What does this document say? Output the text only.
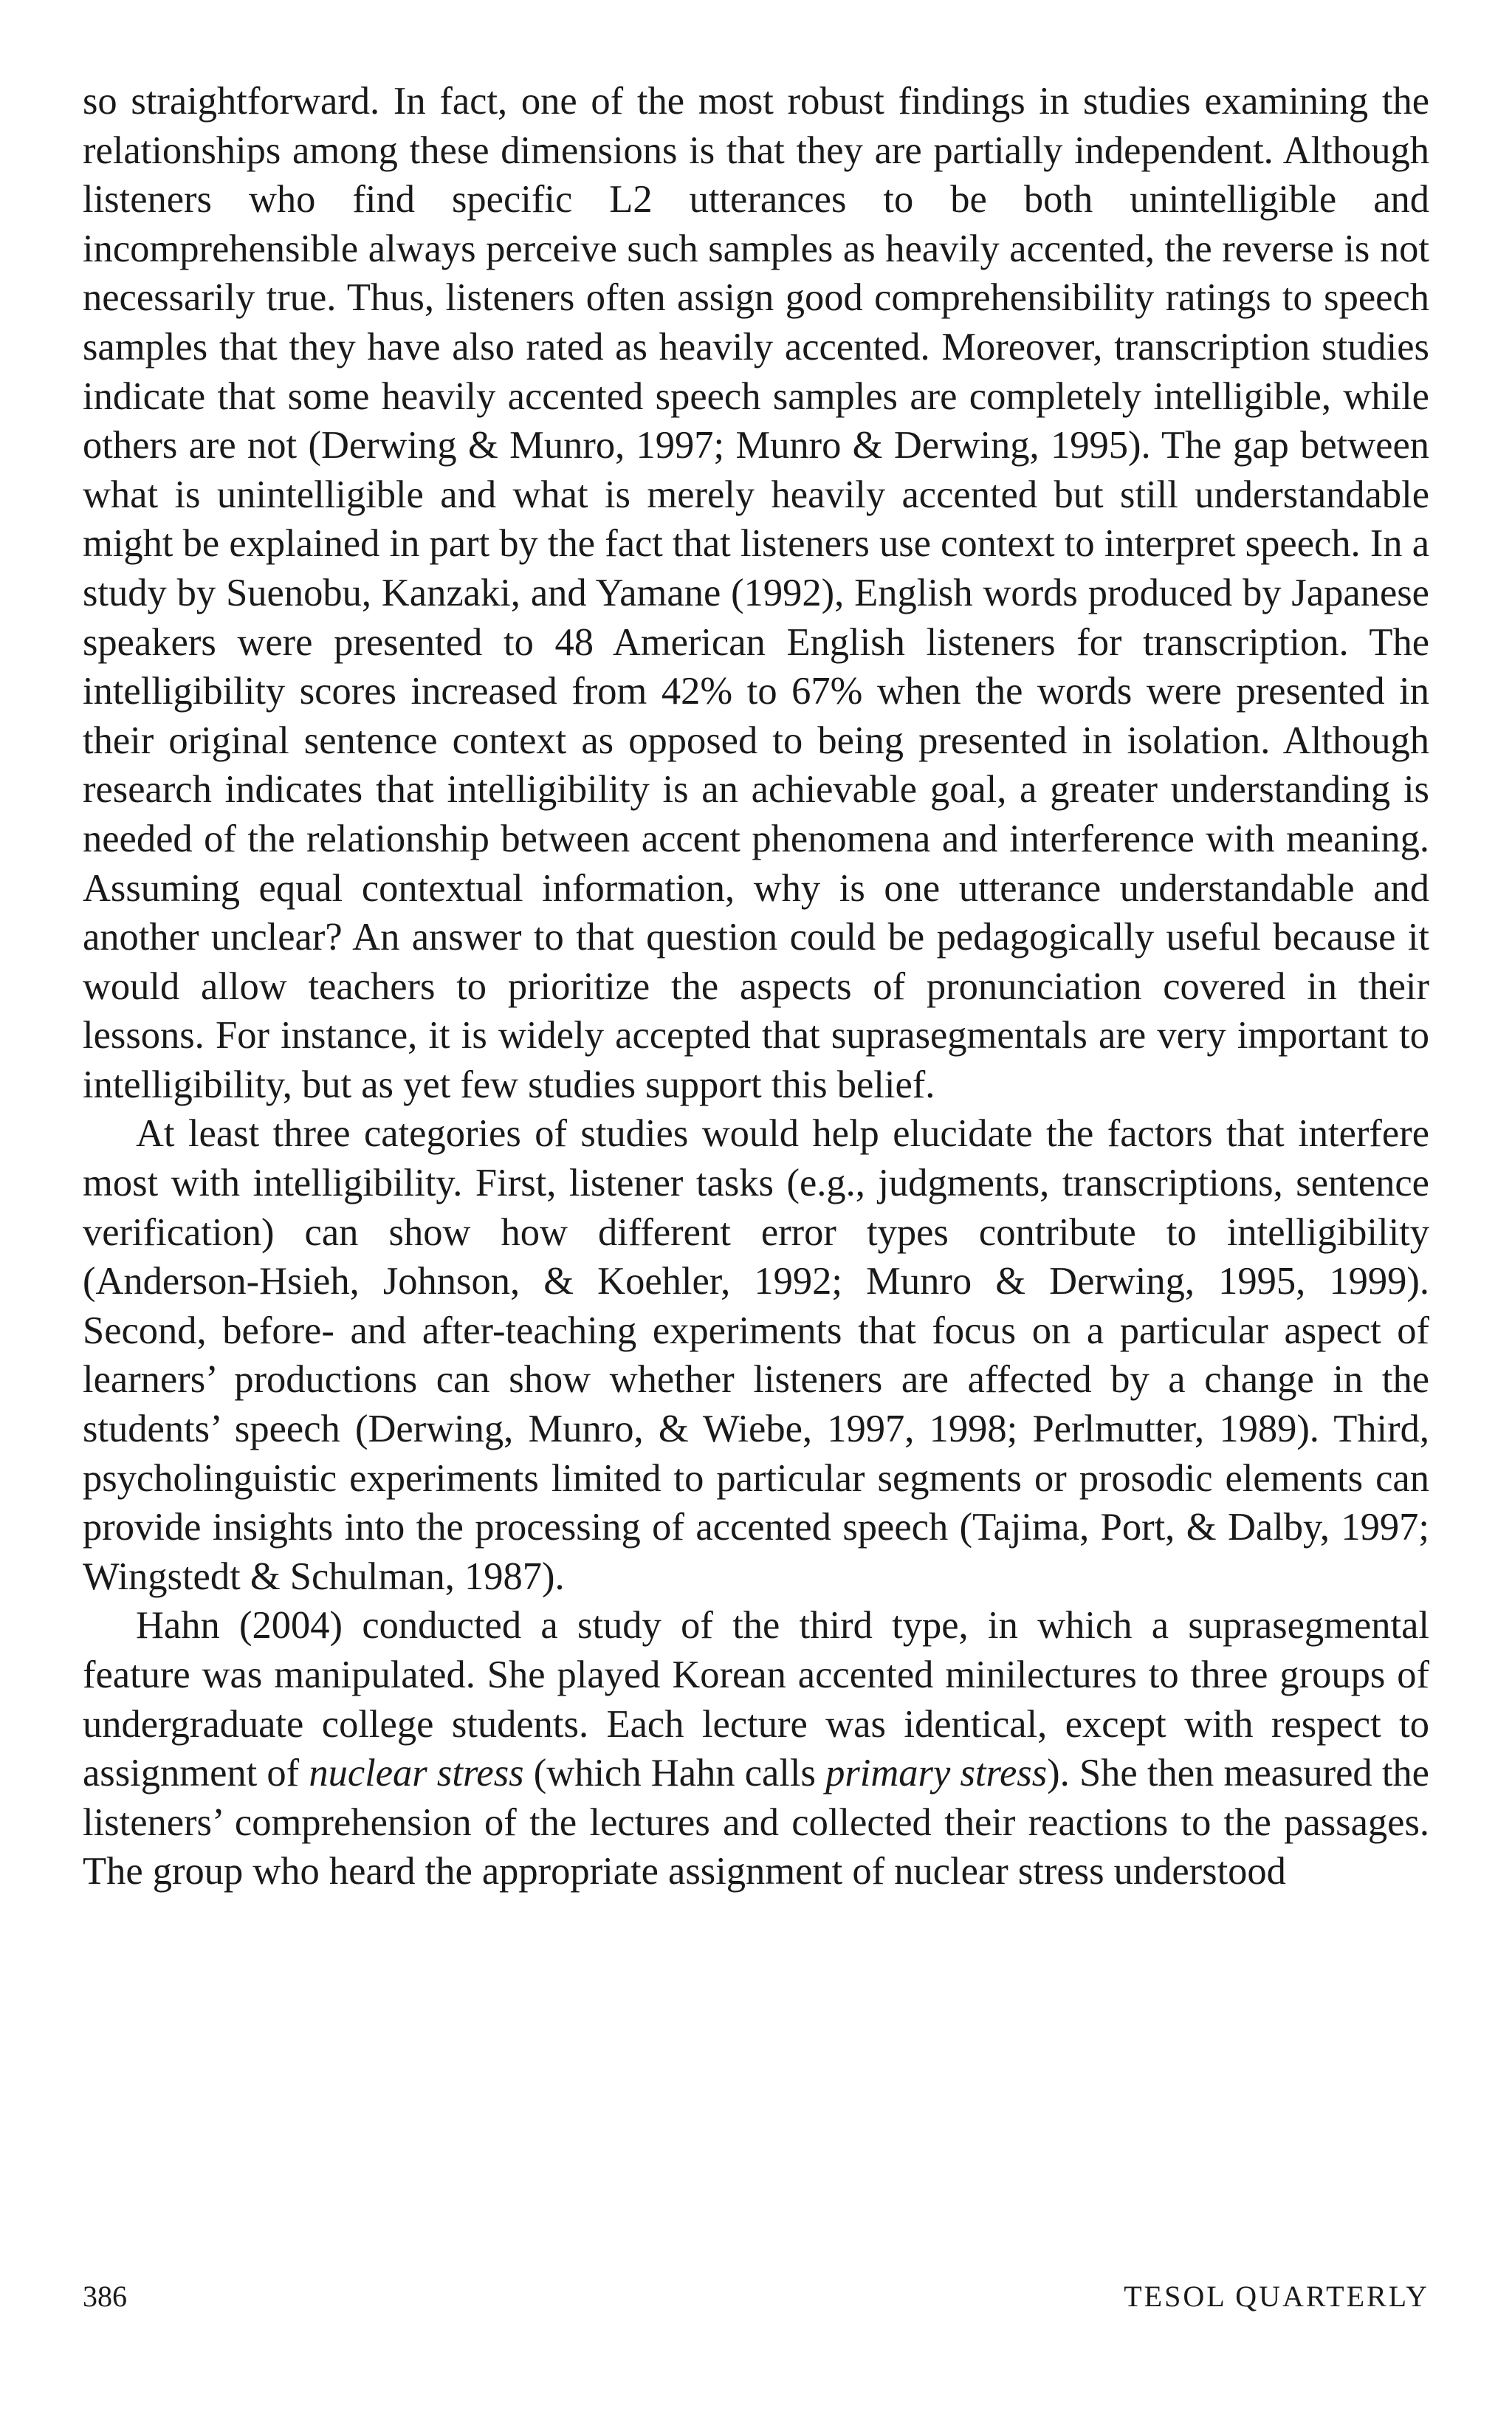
so straightforward. In fact, one of the most robust findings in studies examining the relationships among these dimensions is that they are partially independent. Although listeners who find specific L2 utterances to be both unintelligible and incomprehensible always perceive such samples as heavily accented, the reverse is not necessarily true. Thus, listeners often assign good comprehensibility ratings to speech samples that they have also rated as heavily accented. Moreover, transcription studies indicate that some heavily accented speech samples are completely intelligible, while others are not (Derwing & Munro, 1997; Munro & Derwing, 1995). The gap between what is unintelligible and what is merely heavily accented but still understandable might be explained in part by the fact that listeners use context to interpret speech. In a study by Suenobu, Kanzaki, and Yamane (1992), English words produced by Japanese speakers were presented to 48 American English listeners for transcription. The intelligibility scores increased from 42% to 67% when the words were presented in their original sentence context as opposed to being presented in isolation. Although research indicates that intelligibility is an achievable goal, a greater understanding is needed of the relationship between accent phenomena and interference with meaning. Assuming equal contextual information, why is one utterance understandable and another unclear? An answer to that question could be pedagogically useful because it would allow teachers to prioritize the aspects of pronunciation covered in their lessons. For instance, it is widely accepted that suprasegmentals are very important to intelligibility, but as yet few studies support this belief.

At least three categories of studies would help elucidate the factors that interfere most with intelligibility. First, listener tasks (e.g., judgments, transcriptions, sentence verification) can show how different error types contribute to intelligibility (Anderson-Hsieh, Johnson, & Koehler, 1992; Munro & Derwing, 1995, 1999). Second, before- and after-teaching experiments that focus on a particular aspect of learners’ productions can show whether listeners are affected by a change in the students’ speech (Derwing, Munro, & Wiebe, 1997, 1998; Perlmutter, 1989). Third, psycholinguistic experiments limited to particular segments or prosodic elements can provide insights into the processing of accented speech (Tajima, Port, & Dalby, 1997; Wingstedt & Schulman, 1987).

Hahn (2004) conducted a study of the third type, in which a suprasegmental feature was manipulated. She played Korean accented minilectures to three groups of undergraduate college students. Each lecture was identical, except with respect to assignment of nuclear stress (which Hahn calls primary stress). She then measured the listeners’ comprehension of the lectures and collected their reactions to the passages. The group who heard the appropriate assignment of nuclear stress understood

386	TESOL QUARTERLY
